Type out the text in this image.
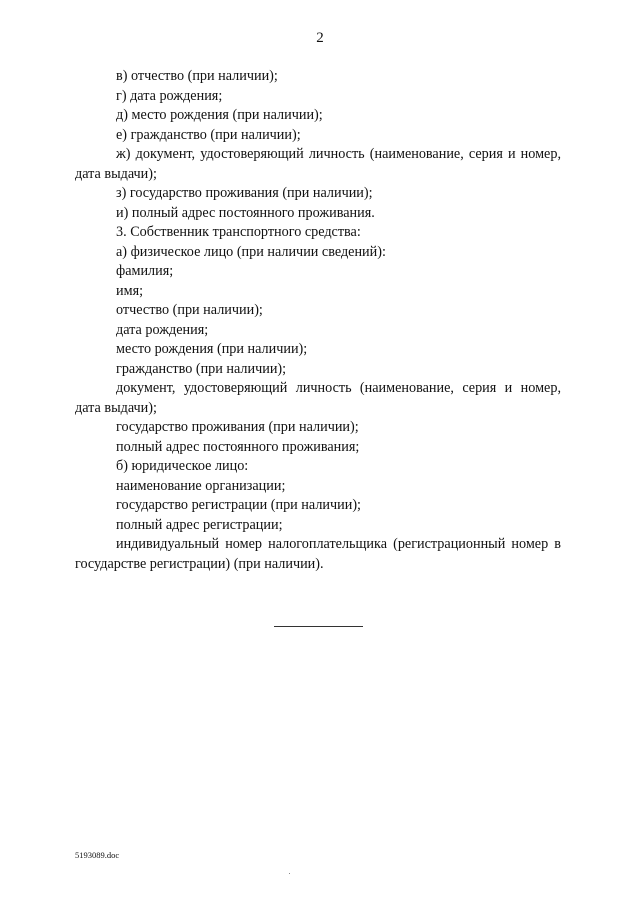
2

в) отчество (при наличии);

г) дата рождения;

д) место рождения (при наличии);

е) гражданство (при наличии);

ж) документ, удостоверяющий личность (наименование, серия и номер, дата выдачи);

з) государство проживания (при наличии);

и) полный адрес постоянного проживания.

3. Собственник транспортного средства:

а) физическое лицо (при наличии сведений):

фамилия;

имя;

отчество (при наличии);

дата рождения;

место рождения (при наличии);

гражданство (при наличии);

документ, удостоверяющий личность (наименование, серия и номер, дата выдачи);

государство проживания (при наличии);

полный адрес постоянного проживания;

б) юридическое лицо:

наименование организации;

государство регистрации (при наличии);

полный адрес регистрации;

индивидуальный номер налогоплательщика (регистрационный номер в государстве регистрации) (при наличии).

5193089.doc
